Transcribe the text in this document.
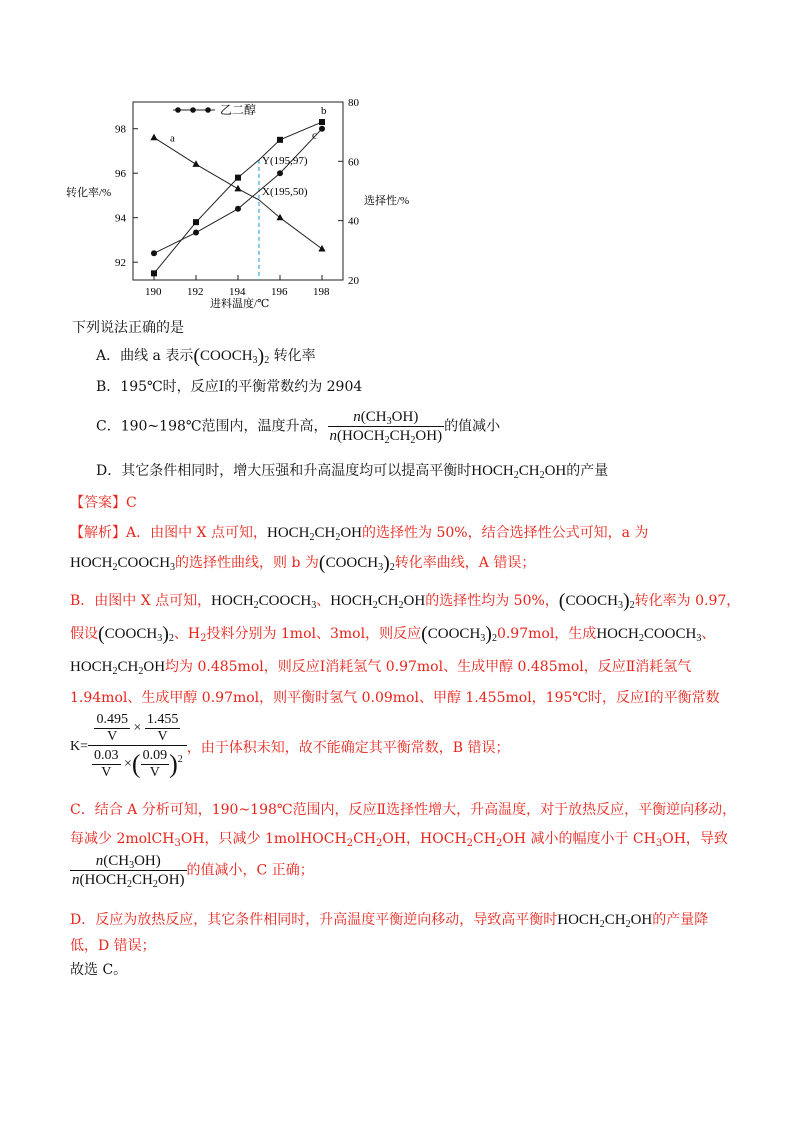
92
94
96
98
20
40
60
80
190 192 194 196 198
a
b
c
Y(195,97)
X(195,50)
乙二醇
转化率/%
选择性/%
进料温度/℃
下列说法正确的是
A．曲线 a 表示$(COOCH_3)_2$ 转化率
B．195℃时，反应Ⅰ的平衡常数约为 2904
C．190~198℃范围内，温度升高， $\frac{n(CH_3OH)}{n(HOCH_2CH_2OH)}$ 的值减小
D．其它条件相同时，增大压强和升高温度均可以提高平衡时$HOCH_2CH_2OH$的产量
【答案】C
【解析】A．由图中 X 点可知，$HOCH_2CH_2OH$的选择性为 50%，结合选择性公式可知，a 为
$HOCH_2COOCH_3$的选择性曲线，则 b 为$(COOCH_3)_2$转化率曲线，A 错误；
B．由图中 X 点可知，$HOCH_2COOCH_3$、$HOCH_2CH_2OH$的选择性均为 50%，$(COOCH_3)_2$转化率为 0.97，
假设$(COOCH_3)_2$、$H_2$投料分别为 1mol、3mol，则反应$(COOCH_3)_20.97mol$，生成$HOCH_2COOCH_3$、
$HOCH_2CH_2OH$均为 0.485mol，则反应Ⅰ消耗氢气 0.97mol、生成甲醇 0.485mol，反应Ⅱ消耗氢气
1.94mol、生成甲醇 0.97mol，则平衡时氢气 0.09mol、甲醇 1.455mol，195℃时，反应Ⅰ的平衡常数
$K= \frac{\frac{0.495}{V} \times \frac{1.455}{V}}{\frac{0.03}{V} \times( \frac{0.09}{V} )^2}$ ，由于体积未知，故不能确定其平衡常数，B 错误；
C．结合 A 分析可知，190~198℃范围内，反应Ⅱ选择性增大，升高温度，对于放热反应，平衡逆向移动，
每减少 2molCH$_3$OH，只减少 $1molHOCH_2CH_2OH$，$HOCH_2CH_2OH$ 减小的幅度小于 $CH_3OH$，导致
$\frac{n(CH_3OH)}{n(HOCH_2CH_2OH)}$ 的值减小，C 正确；
D．反应为放热反应，其它条件相同时，升高温度平衡逆向移动，导致高平衡时$HOCH_2CH_2OH$的产量降
低，D 错误；
故选 C。
